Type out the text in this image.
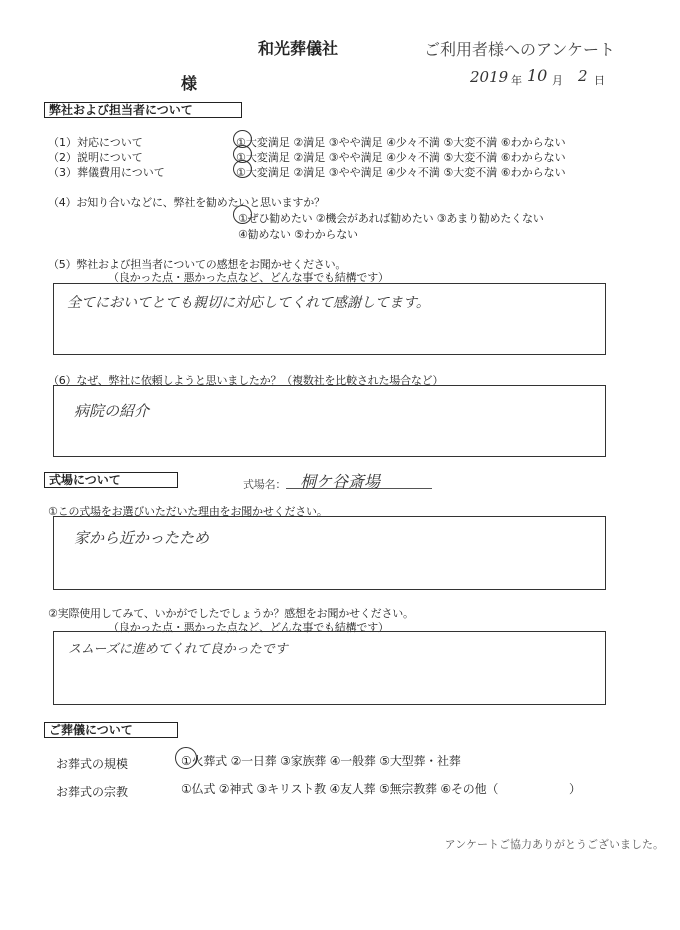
和光葬儀社	ご利用者様へのアンケート
様	2019 年 10 月 2 日
弊社および担当者について
（1）対応について	①大変満足 ②満足 ③やや満足 ④少々不満 ⑤大変不満 ⑥わからない
（2）説明について	①大変満足 ②満足 ③やや満足 ④少々不満 ⑤大変不満 ⑥わからない
（3）葬儀費用について	①大変満足 ②満足 ③やや満足 ④少々不満 ⑤大変不満 ⑥わからない
（4）お知り合いなどに、弊社を勧めたいと思いますか？
①ぜひ勧めたい ②機会があれば勧めたい ③あまり勧めたくない
④勧めない ⑤わからない
（5）弊社および担当者についての感想をお聞かせください。
（良かった点・悪かった点など、どんな事でも結構です）
全てにおいてとても親切に対応してくれて感謝してます。
（6）なぜ、弊社に依頼しようと思いましたか？（複数社を比較された場合など）
病院の紹介
式場について	式場名： 桐ケ谷斎場
①この式場をお選びいただいた理由をお聞かせください。
家から近かったため
②実際使用してみて、いかがでしたでしょうか？感想をお聞かせください。
（良かった点・悪かった点など、どんな事でも結構です）
スムーズに進めてくれて良かったです
ご葬儀について
お葬式の規模	①火葬式 ②一日葬 ③家族葬 ④一般葬 ⑤大型葬・社葬
お葬式の宗教	①仏式 ②神式 ③キリスト教 ④友人葬 ⑤無宗教葬 ⑥その他（　　　　　　）
アンケートご協力ありがとうございました。
